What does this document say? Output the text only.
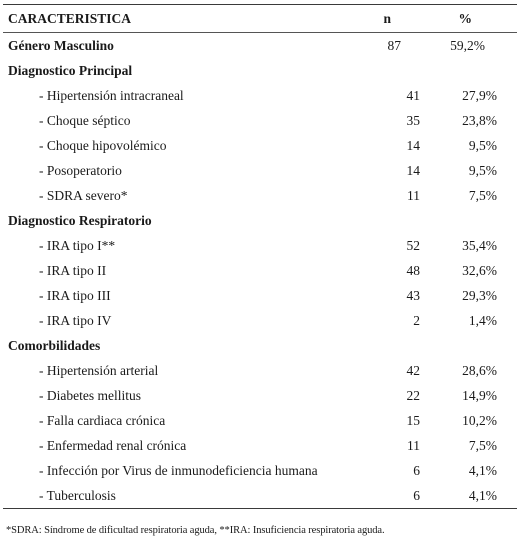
CARACTERISTICA	n	%
Género Masculino	87	59,2%
Diagnostico Principal
- Hipertensión intracraneal	41	27,9%
- Choque séptico	35	23,8%
- Choque hipovolémico	14	9,5%
- Posoperatorio	14	9,5%
- SDRA severo*	11	7,5%
Diagnostico Respiratorio
- IRA tipo I**	52	35,4%
- IRA tipo II	48	32,6%
- IRA tipo III	43	29,3%
- IRA tipo IV	2	1,4%
Comorbilidades
- Hipertensión arterial	42	28,6%
- Diabetes mellitus	22	14,9%
- Falla cardiaca crónica	15	10,2%
- Enfermedad renal crónica	11	7,5%
- Infección por Virus de inmunodeficiencia humana	6	4,1%
- Tuberculosis	6	4,1%
*SDRA: Síndrome de dificultad respiratoria aguda, **IRA: Insuficiencia respiratoria aguda.
